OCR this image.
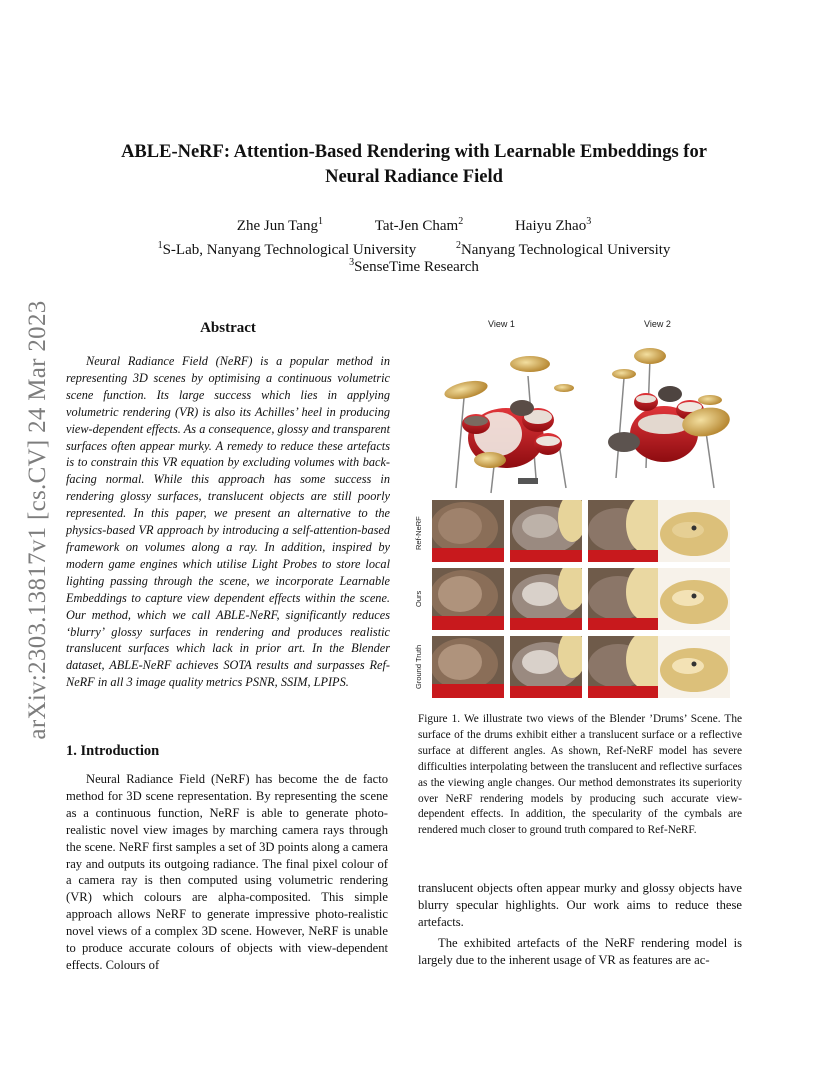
arXiv:2303.13817v1 [cs.CV] 24 Mar 2023
ABLE-NeRF: Attention-Based Rendering with Learnable Embeddings for
Neural Radiance Field
Zhe Jun Tang$^1$	Tat-Jen Cham$^2$	Haiyu Zhao$^3$
$^1$S-Lab, Nanyang Technological University	$^2$Nanyang Technological University
$^3$SenseTime Research
Abstract
Neural Radiance Field (NeRF) is a popular method in representing 3D scenes by optimising a continuous volumetric scene function. Its large success which lies in applying volumetric rendering (VR) is also its Achilles’ heel in producing view-dependent effects. As a consequence, glossy and transparent surfaces often appear murky. A remedy to reduce these artefacts is to constrain this VR equation by excluding volumes with back-facing normal. While this approach has some success in rendering glossy surfaces, translucent objects are still poorly represented. In this paper, we present an alternative to the physics-based VR approach by introducing a self-attention-based framework on volumes along a ray. In addition, inspired by modern game engines which utilise Light Probes to store local lighting passing through the scene, we incorporate Learnable Embeddings to capture view dependent effects within the scene. Our method, which we call ABLE-NeRF, significantly reduces ‘blurry’ glossy surfaces in rendering and produces realistic translucent surfaces which lack in prior art. In the Blender dataset, ABLE-NeRF achieves SOTA results and surpasses Ref-NeRF in all 3 image quality metrics PSNR, SSIM, LPIPS.
1. Introduction
Neural Radiance Field (NeRF) has become the de facto method for 3D scene representation. By representing the scene as a continuous function, NeRF is able to generate photo-realistic novel view images by marching camera rays through the scene. NeRF first samples a set of 3D points along a camera ray and outputs its outgoing radiance. The final pixel colour of a camera ray is then computed using volumetric rendering (VR) which colours are alpha-composited. This simple approach allows NeRF to generate impressive photo-realistic novel views of a complex 3D scene. However, NeRF is unable to produce accurate colours of objects with view-dependent effects. Colours of
View 1	View 2
Ref-NeRF
Ours
Ground Truth
Figure 1. We illustrate two views of the Blender ’Drums’ Scene. The surface of the drums exhibit either a translucent surface or a reflective surface at different angles. As shown, Ref-NeRF model has severe difficulties interpolating between the translucent and reflective surfaces as the viewing angle changes. Our method demonstrates its superiority over NeRF rendering models by producing such accurate view-dependent effects. In addition, the specularity of the cymbals are rendered much closer to ground truth compared to Ref-NeRF.

translucent objects often appear murky and glossy objects have blurry specular highlights. Our work aims to reduce these artefacts.

The exhibited artefacts of the NeRF rendering model is largely due to the inherent usage of VR as features are ac-
